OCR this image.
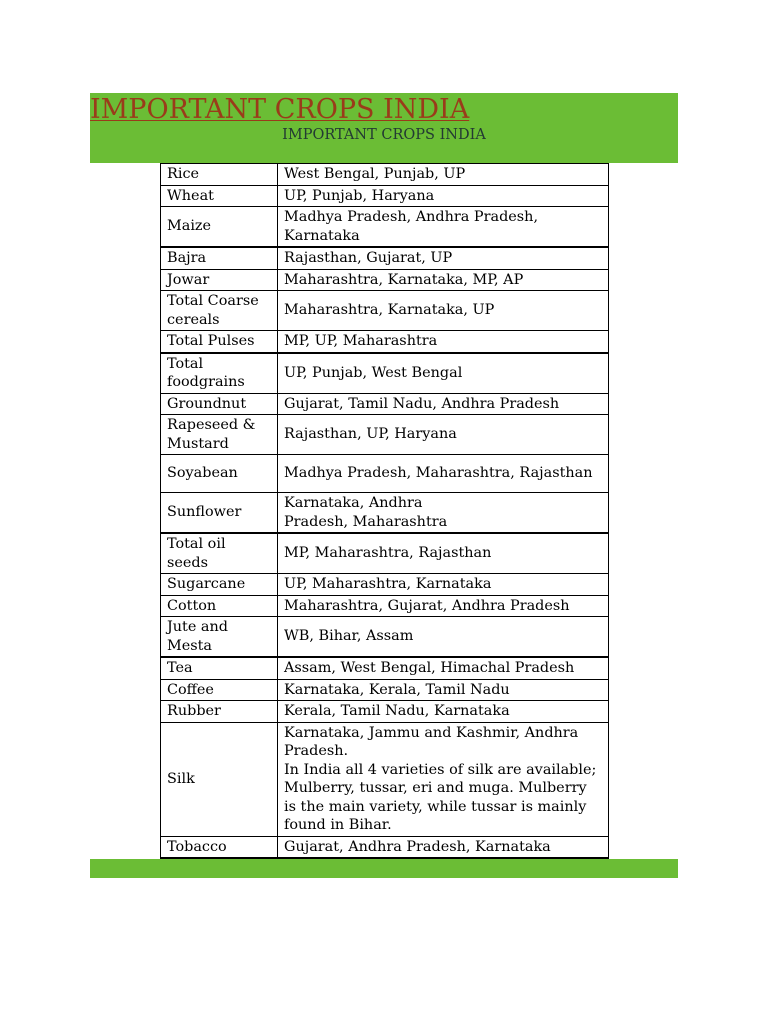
IMPORTANT CROPS INDIA
IMPORTANT CROPS INDIA
Rice	West Bengal, Punjab, UP
Wheat	UP, Punjab, Haryana
Maize	Madhya Pradesh, Andhra Pradesh, Karnataka
Bajra	Rajasthan, Gujarat, UP
Jowar	Maharashtra, Karnataka, MP, AP
Total Coarse cereals	Maharashtra, Karnataka, UP
Total Pulses	MP, UP, Maharashtra
Total foodgrains	UP, Punjab, West Bengal
Groundnut	Gujarat, Tamil Nadu, Andhra Pradesh
Rapeseed & Mustard	Rajasthan, UP, Haryana
Soyabean	Madhya Pradesh, Maharashtra, Rajasthan
Sunflower	Karnataka, Andhra
Pradesh, Maharashtra
Total oil seeds	MP, Maharashtra, Rajasthan
Sugarcane	UP, Maharashtra, Karnataka
Cotton	Maharashtra, Gujarat, Andhra Pradesh
Jute and Mesta	WB, Bihar, Assam
Tea	Assam, West Bengal, Himachal Pradesh
Coffee	Karnataka, Kerala, Tamil Nadu
Rubber	Kerala, Tamil Nadu, Karnataka
Silk	Karnataka, Jammu and Kashmir, Andhra Pradesh.
In India all 4 varieties of silk are available; Mulberry, tussar, eri and muga. Mulberry is the main variety, while tussar is mainly found in Bihar.
Tobacco	Gujarat, Andhra Pradesh, Karnataka
